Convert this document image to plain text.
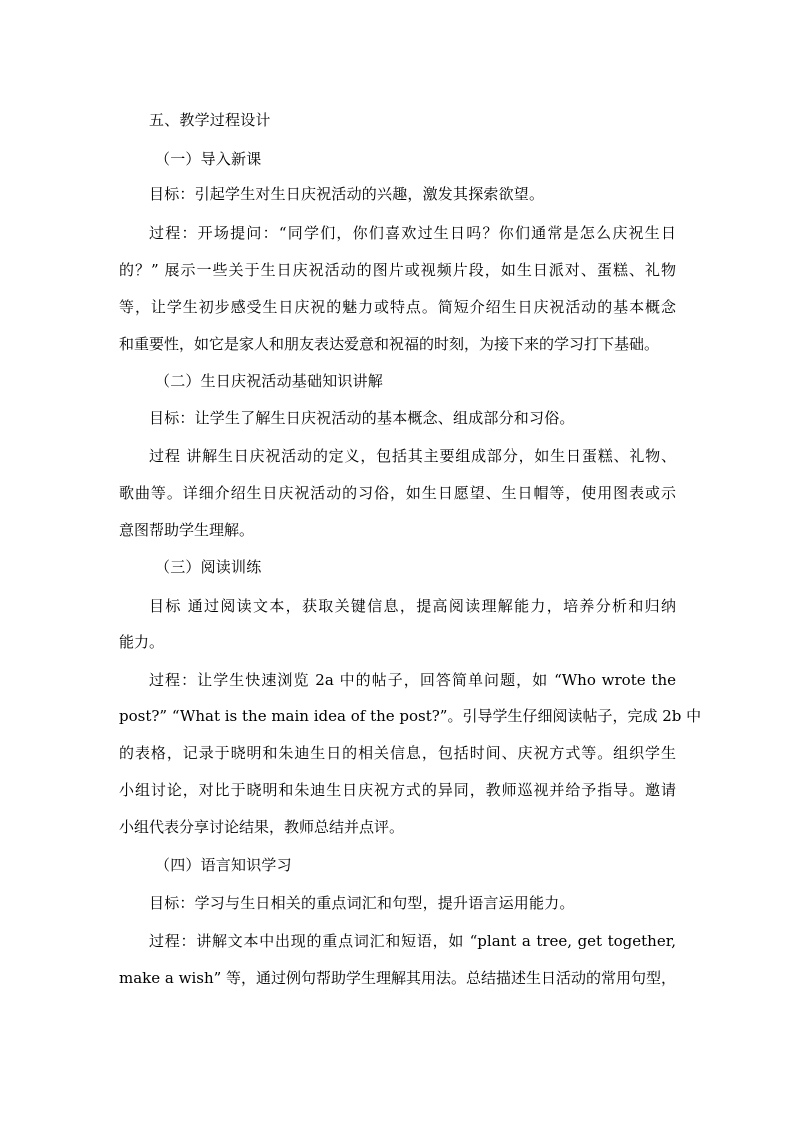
五、教学过程设计
（一）导入新课
目标：引起学生对生日庆祝活动的兴趣，激发其探索欲望。
过程：开场提问：“同学们，你们喜欢过生日吗？你们通常是怎么庆祝生日
的？” 展示一些关于生日庆祝活动的图片或视频片段，如生日派对、蛋糕、礼物
等，让学生初步感受生日庆祝的魅力或特点。简短介绍生日庆祝活动的基本概念
和重要性，如它是家人和朋友表达爱意和祝福的时刻，为接下来的学习打下基础。
（二）生日庆祝活动基础知识讲解
目标：让学生了解生日庆祝活动的基本概念、组成部分和习俗。
过程 讲解生日庆祝活动的定义，包括其主要组成部分，如生日蛋糕、礼物、
歌曲等。详细介绍生日庆祝活动的习俗，如生日愿望、生日帽等，使用图表或示
意图帮助学生理解。
（三）阅读训练
目标 通过阅读文本，获取关键信息，提高阅读理解能力，培养分析和归纳
能力。
过程：让学生快速浏览 2a 中的帖子，回答简单问题，如 “Who wrote the
post?” “What is the main idea of the post?”。引导学生仔细阅读帖子，完成 2b 中
的表格，记录于晓明和朱迪生日的相关信息，包括时间、庆祝方式等。组织学生
小组讨论，对比于晓明和朱迪生日庆祝方式的异同，教师巡视并给予指导。邀请
小组代表分享讨论结果，教师总结并点评。
（四）语言知识学习
目标：学习与生日相关的重点词汇和句型，提升语言运用能力。
过程：讲解文本中出现的重点词汇和短语，如 “plant a tree, get together,
make a wish” 等，通过例句帮助学生理解其用法。总结描述生日活动的常用句型，
